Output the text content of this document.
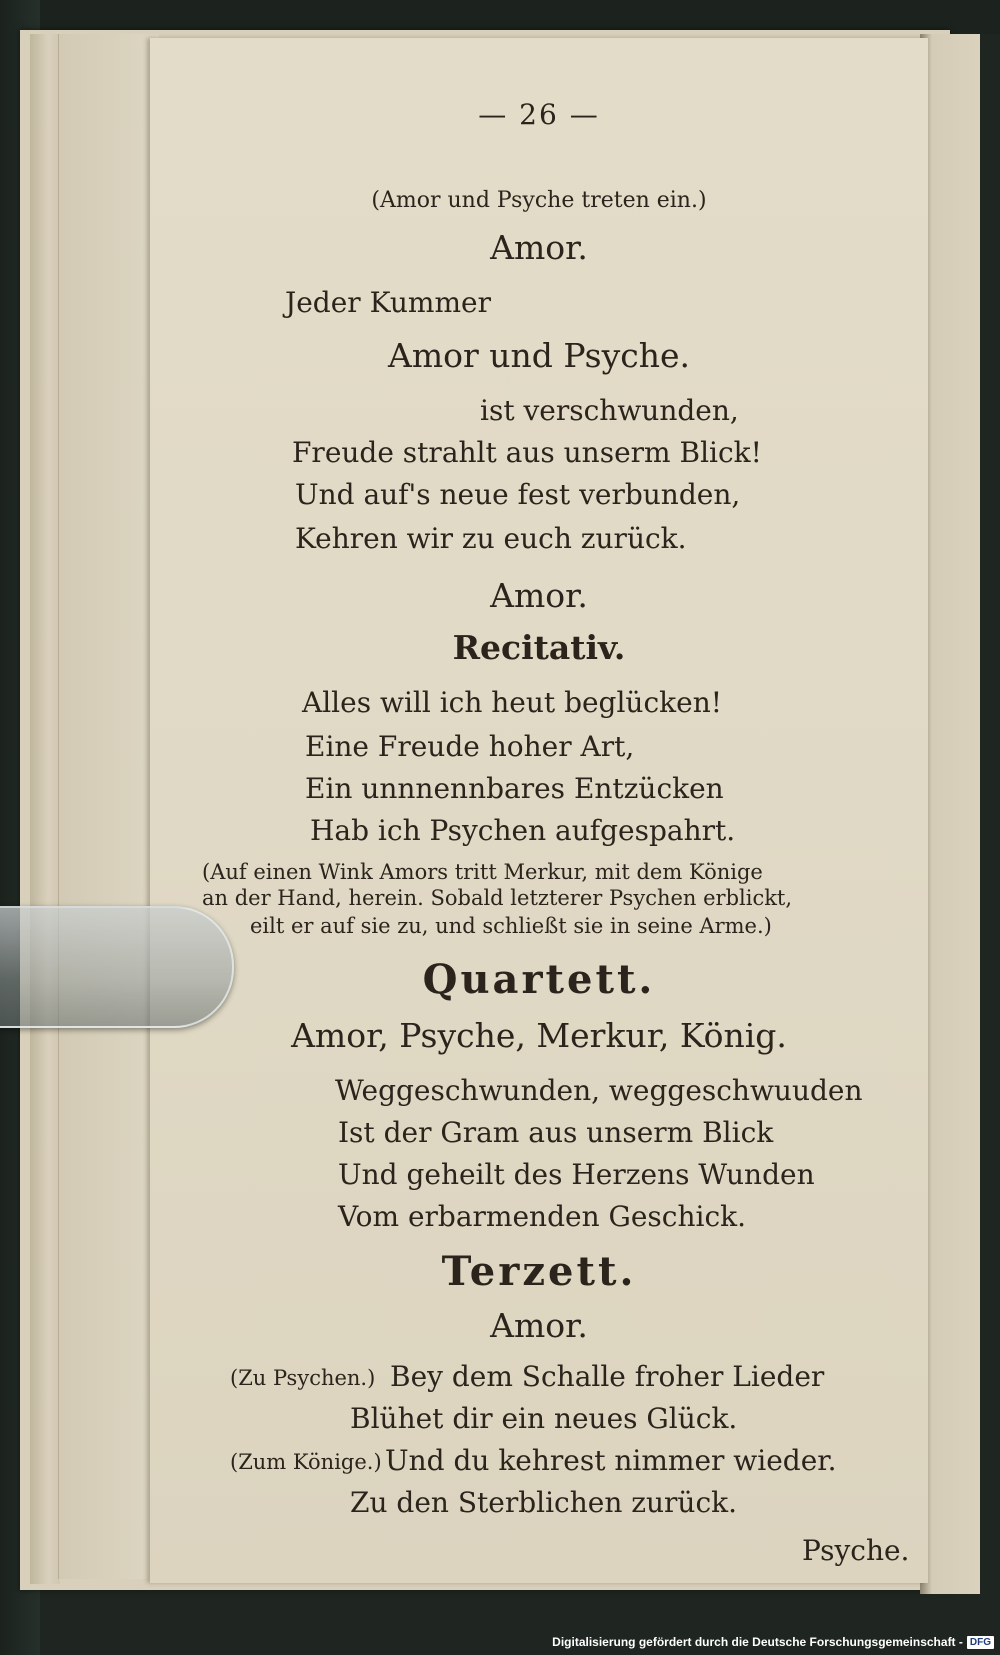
— 26 —
(Amor und Psyche treten ein.)
Amor.
Jeder Kummer
Amor und Psyche.
ist verschwunden,
Freude strahlt aus unserm Blick!
Und auf's neue fest verbunden,
Kehren wir zu euch zurück.
Amor.
Recitativ.
Alles will ich heut beglücken!
Eine Freude hoher Art,
Ein unnnennbares Entzücken
Hab ich Psychen aufgespahrt.
(Auf einen Wink Amors tritt Merkur, mit dem Könige
an der Hand, herein. Sobald letzterer Psychen erblickt,
eilt er auf sie zu, und schließt sie in seine Arme.)
Quartett.
Amor, Psyche, Merkur, König.
Weggeschwunden, weggeschwuuden
Ist der Gram aus unserm Blick
Und geheilt des Herzens Wunden
Vom erbarmenden Geschick.
Terzett.
Amor.
(Zu Psychen.) Bey dem Schalle froher Lieder
Blühet dir ein neues Glück.
(Zum Könige.) Und du kehrest nimmer wieder.
Zu den Sterblichen zurück.
Psyche.
Digitalisierung gefördert durch die Deutsche Forschungsgemeinschaft - DFG
